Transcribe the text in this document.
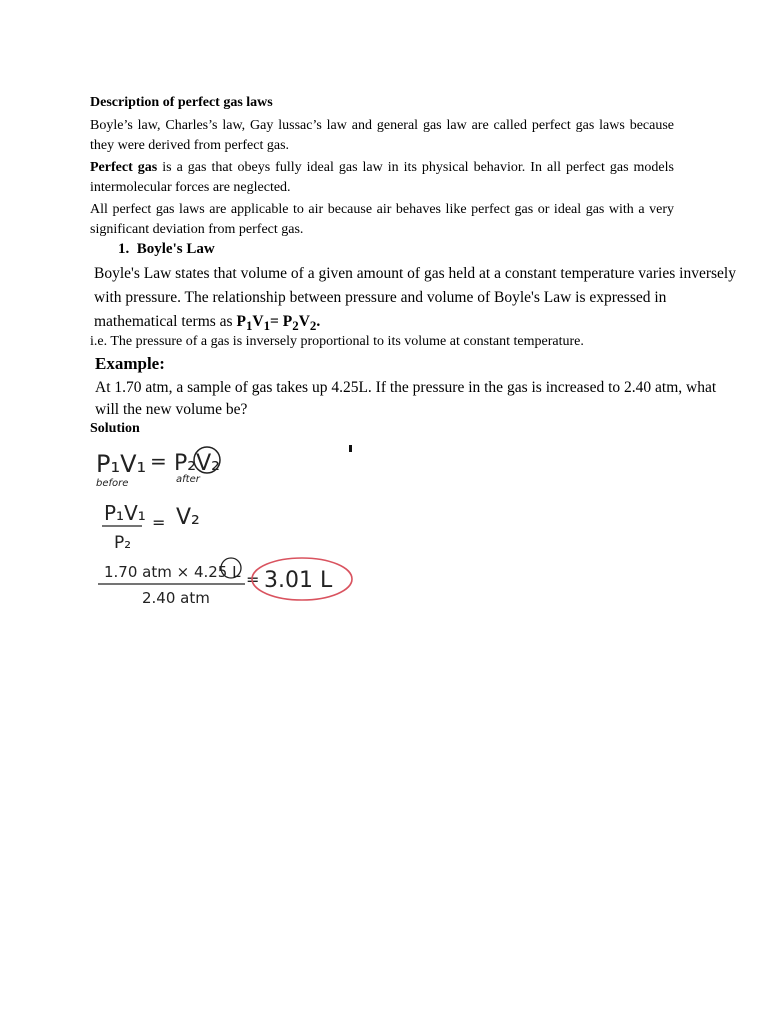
Description of perfect gas laws
Boyle’s law, Charles’s law, Gay lussac’s law and general gas law are called perfect gas laws because they were derived from perfect gas.
Perfect gas is a gas that obeys fully ideal gas law in its physical behavior. In all perfect gas models intermolecular forces are neglected.
All perfect gas laws are applicable to air because air behaves like perfect gas or ideal gas with a very significant deviation from perfect gas.
1. Boyle's Law
Boyle's Law states that volume of a given amount of gas held at a constant temperature varies inversely
with pressure. The relationship between pressure and volume of Boyle's Law is expressed in
mathematical terms as $P_1V_1= P_2V_2$.
i.e. The pressure of a gas is inversely proportional to its volume at constant temperature.
Example:
At 1.70 atm, a sample of gas takes up 4.25L. If the pressure in the gas is increased to 2.40 atm, what
will the new volume be?
Solution
P₁V₁ = P₂V₂
before	after
P₁V₁
P₂
= V₂
1.70 atm × 4.25 L
2.40 atm
= 3.01 L
